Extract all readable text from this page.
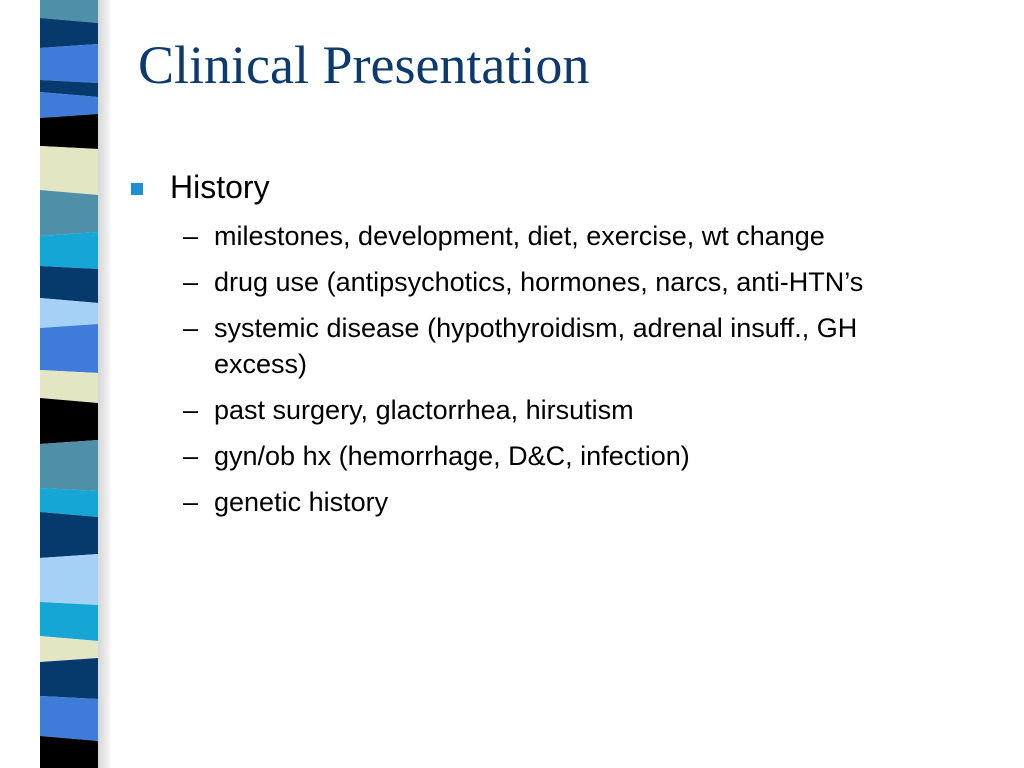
Clinical Presentation
History
– milestones, development, diet, exercise, wt change
– drug use (antipsychotics, hormones, narcs, anti-HTN’s
– systemic disease (hypothyroidism, adrenal insuff., GH excess)
– past surgery, glactorrhea, hirsutism
– gyn/ob hx (hemorrhage, D&C, infection)
– genetic history
